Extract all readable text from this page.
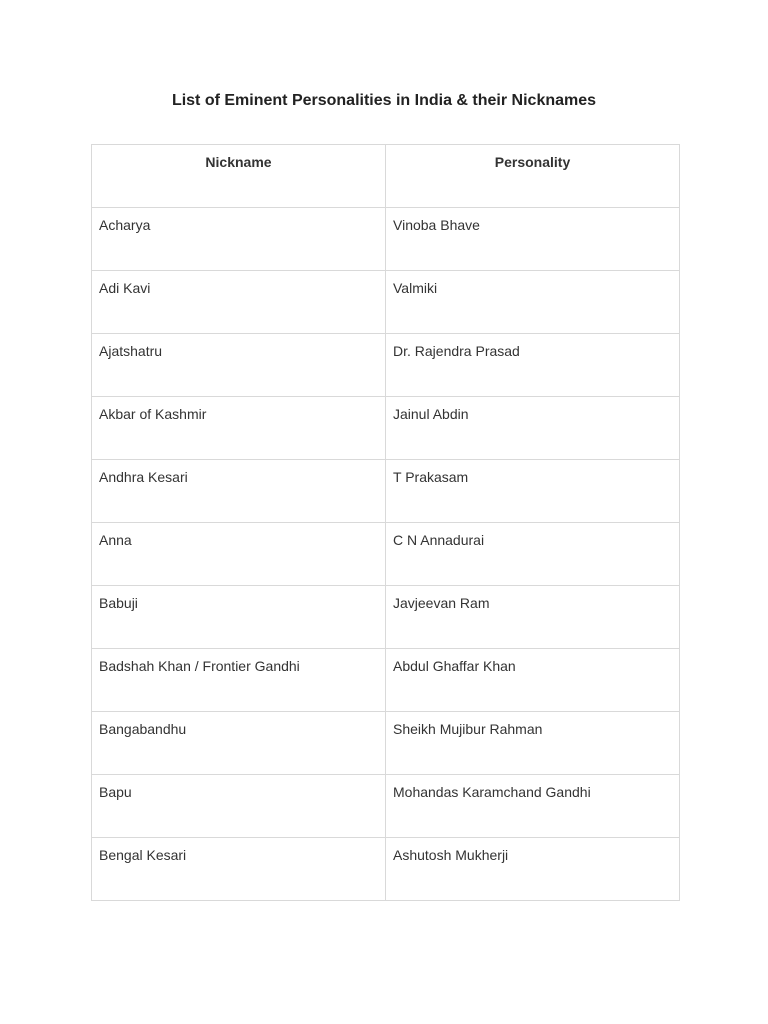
List of Eminent Personalities in India & their Nicknames
Nickname	Personality
Acharya	Vinoba Bhave
Adi Kavi	Valmiki
Ajatshatru	Dr. Rajendra Prasad
Akbar of Kashmir	Jainul Abdin
Andhra Kesari	T Prakasam
Anna	C N Annadurai
Babuji	Javjeevan Ram
Badshah Khan / Frontier Gandhi	Abdul Ghaffar Khan
Bangabandhu	Sheikh Mujibur Rahman
Bapu	Mohandas Karamchand Gandhi
Bengal Kesari	Ashutosh Mukherji
